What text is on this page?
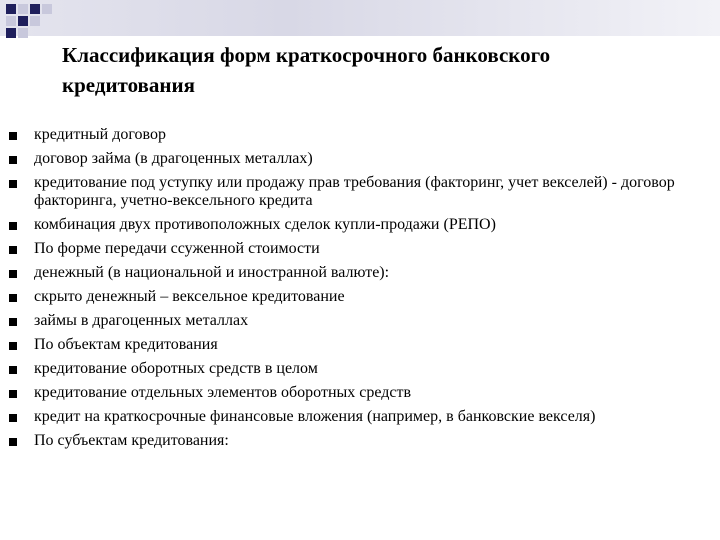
Классификация форм краткосрочного банковского
кредитования
кредитный договор
договор займа (в драгоценных металлах)
кредитование под уступку или продажу прав требования (факторинг, учет векселей) - договор факторинга, учетно-вексельного кредита
комбинация двух противоположных сделок купли-продажи (РЕПО)
По форме передачи ссуженной стоимости
денежный (в национальной и иностранной валюте):
скрыто денежный – вексельное кредитование
займы в драгоценных металлах
По объектам кредитования
кредитование оборотных средств в целом
кредитование отдельных элементов оборотных средств
кредит на краткосрочные финансовые вложения (например, в банковские векселя)
По субъектам кредитования:
